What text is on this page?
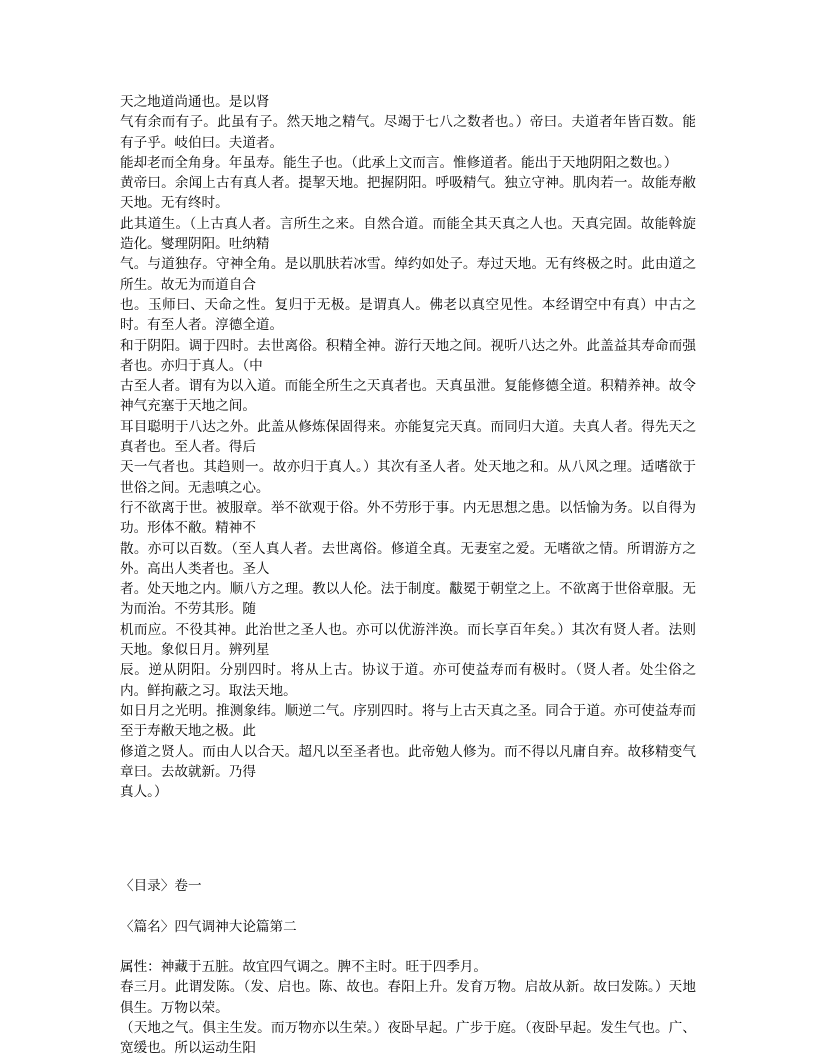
天之地道尚通也。是以肾

气有余而有子。此虽有子。然天地之精气。尽竭于七八之数者也。）帝曰。夫道者年皆百数。能有子乎。岐伯曰。夫道者。

能却老而全角身。年虽寿。能生子也。（此承上文而言。惟修道者。能出于天地阴阳之数也。）

黄帝曰。余闻上古有真人者。提挈天地。把握阴阳。呼吸精气。独立守神。肌肉若一。故能寿敝天地。无有终时。

此其道生。（上古真人者。言所生之来。自然合道。而能全其天真之人也。天真完固。故能斡旋造化。燮理阴阳。吐纳精

气。与道独存。守神全角。是以肌肤若冰雪。绰约如处子。寿过天地。无有终极之时。此由道之所生。故无为而道自合

也。玉师曰、天命之性。复归于无极。是谓真人。佛老以真空见性。本经谓空中有真）中古之时。有至人者。淳德全道。

和于阴阳。调于四时。去世离俗。积精全神。游行天地之间。视听八达之外。此盖益其寿命而强者也。亦归于真人。（中

古至人者。谓有为以入道。而能全所生之天真者也。天真虽泄。复能修德全道。积精养神。故令神气充塞于天地之间。

耳目聪明于八达之外。此盖从修炼保固得来。亦能复完天真。而同归大道。夫真人者。得先天之真者也。至人者。得后

天一气者也。其趋则一。故亦归于真人。）其次有圣人者。处天地之和。从八风之理。适嗜欲于世俗之间。无恚嗔之心。

行不欲离于世。被服章。举不欲观于俗。外不劳形于事。内无思想之患。以恬愉为务。以自得为功。形体不敝。精神不

散。亦可以百数。（至人真人者。去世离俗。修道全真。无妻室之爱。无嗜欲之情。所谓游方之外。高出人类者也。圣人

者。处天地之内。顺八方之理。教以人伦。法于制度。黻冕于朝堂之上。不欲离于世俗章服。无为而治。不劳其形。随

机而应。不役其神。此治世之圣人也。亦可以优游泮涣。而长享百年矣。）其次有贤人者。法则天地。象似日月。辨列星

辰。逆从阴阳。分别四时。将从上古。协议于道。亦可使益寿而有极时。（贤人者。处尘俗之内。鲜拘蔽之习。取法天地。

如日月之光明。推测象纬。顺逆二气。序别四时。将与上古天真之圣。同合于道。亦可使益寿而至于寿敝天地之极。此

修道之贤人。而由人以合天。超凡以至圣者也。此帝勉人修为。而不得以凡庸自弃。故移精变气章曰。去故就新。乃得

真人。）

〈目录〉卷一

〈篇名〉四气调神大论篇第二

属性：神藏于五脏。故宜四气调之。脾不主时。旺于四季月。

春三月。此谓发陈。（发、启也。陈、故也。春阳上升。发育万物。启故从新。故曰发陈。）天地俱生。万物以荣。

（天地之气。俱主生发。而万物亦以生荣。）夜卧早起。广步于庭。（夜卧早起。发生气也。广、宽缓也。所以运动生阳
